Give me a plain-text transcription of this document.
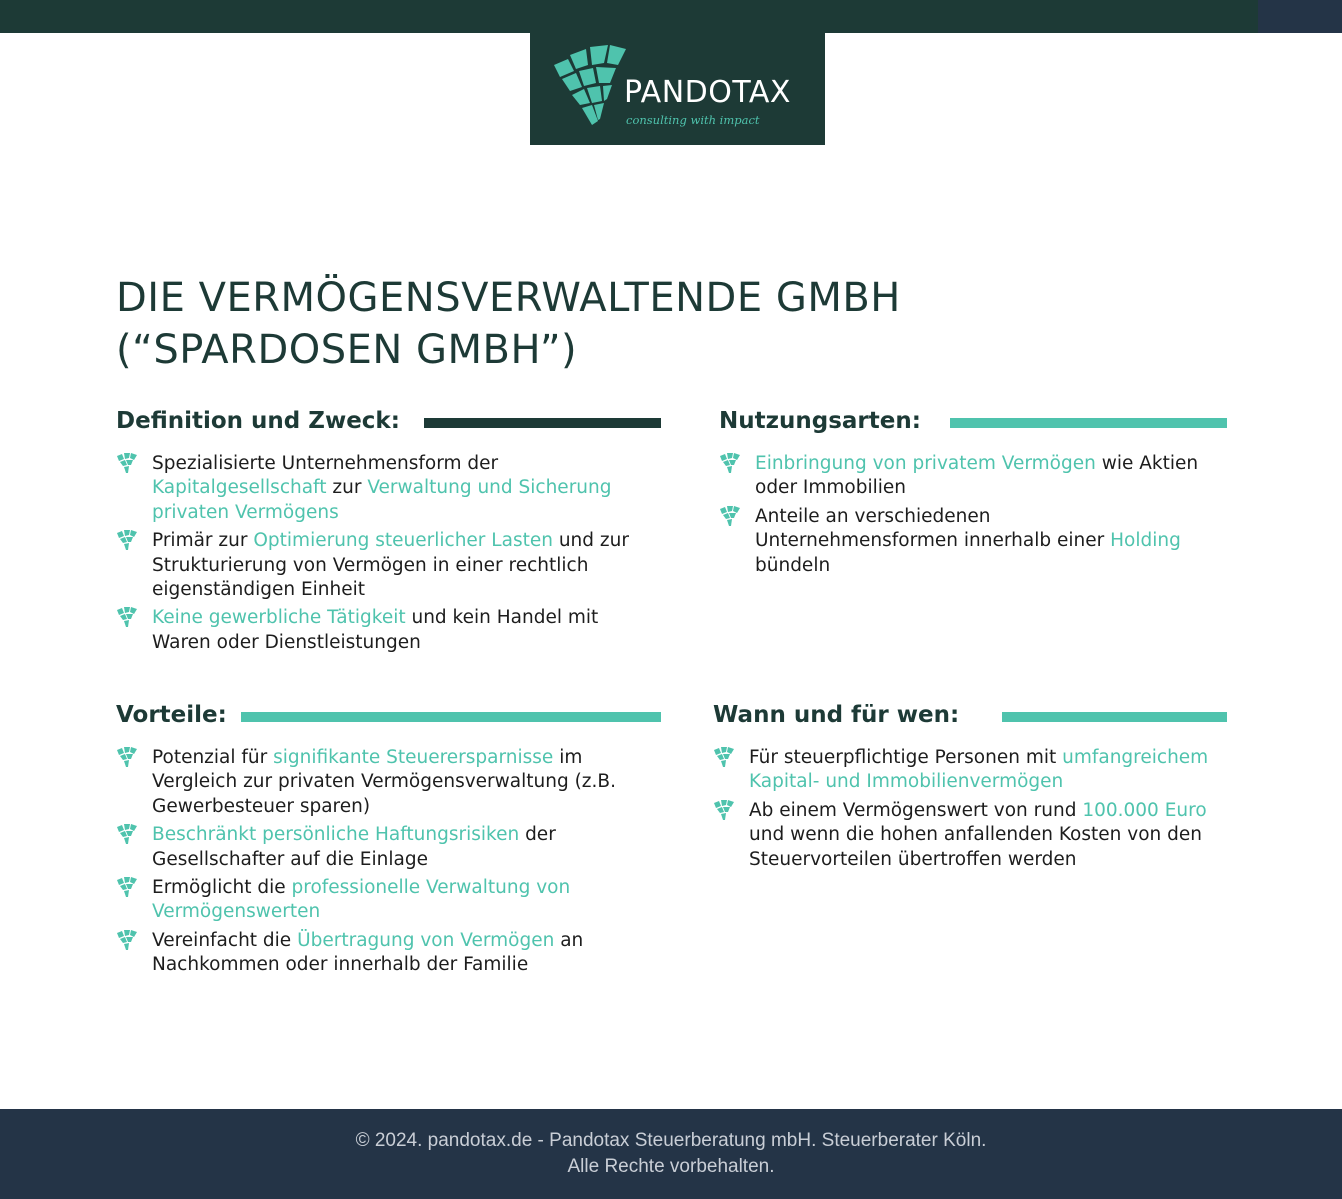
PANDOTAX
consulting with impact
DIE VERMÖGENSVERWALTENDE GMBH
(“SPARDOSEN GMBH”)
Definition und Zweck:
Spezialisierte Unternehmensform der Kapitalgesellschaft zur Verwaltung und Sicherung privaten Vermögens
Primär zur Optimierung steuerlicher Lasten und zur Strukturierung von Vermögen in einer rechtlich eigenständigen Einheit
Keine gewerbliche Tätigkeit und kein Handel mit Waren oder Dienstleistungen
Nutzungsarten:
Einbringung von privatem Vermögen wie Aktien oder Immobilien
Anteile an verschiedenen Unternehmensformen innerhalb einer Holding bündeln
Vorteile:
Potenzial für signifikante Steuerersparnisse im Vergleich zur privaten Vermögensverwaltung (z.B. Gewerbesteuer sparen)
Beschränkt persönliche Haftungsrisiken der Gesellschafter auf die Einlage
Ermöglicht die professionelle Verwaltung von Vermögenswerten
Vereinfacht die Übertragung von Vermögen an Nachkommen oder innerhalb der Familie
Wann und für wen:
Für steuerpflichtige Personen mit umfangreichem Kapital- und Immobilienvermögen
Ab einem Vermögenswert von rund 100.000 Euro und wenn die hohen anfallenden Kosten von den Steuervorteilen übertroffen werden
© 2024. pandotax.de - Pandotax Steuerberatung mbH. Steuerberater Köln.
Alle Rechte vorbehalten.
